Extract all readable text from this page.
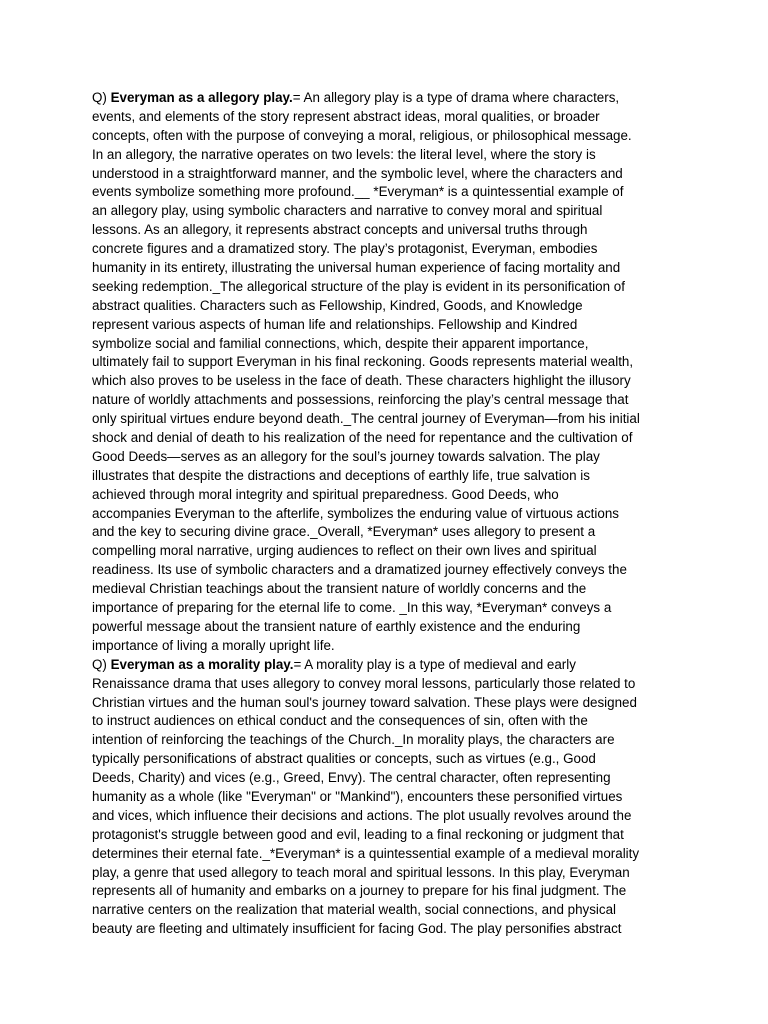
Q) Everyman as a allegory play.= An allegory play is a type of drama where characters,
events, and elements of the story represent abstract ideas, moral qualities, or broader
concepts, often with the purpose of conveying a moral, religious, or philosophical message.
In an allegory, the narrative operates on two levels: the literal level, where the story is
understood in a straightforward manner, and the symbolic level, where the characters and
events symbolize something more profound.__ *Everyman* is a quintessential example of
an allegory play, using symbolic characters and narrative to convey moral and spiritual
lessons. As an allegory, it represents abstract concepts and universal truths through
concrete figures and a dramatized story. The play’s protagonist, Everyman, embodies
humanity in its entirety, illustrating the universal human experience of facing mortality and
seeking redemption._The allegorical structure of the play is evident in its personification of
abstract qualities. Characters such as Fellowship, Kindred, Goods, and Knowledge
represent various aspects of human life and relationships. Fellowship and Kindred
symbolize social and familial connections, which, despite their apparent importance,
ultimately fail to support Everyman in his final reckoning. Goods represents material wealth,
which also proves to be useless in the face of death. These characters highlight the illusory
nature of worldly attachments and possessions, reinforcing the play’s central message that
only spiritual virtues endure beyond death._The central journey of Everyman—from his initial
shock and denial of death to his realization of the need for repentance and the cultivation of
Good Deeds—serves as an allegory for the soul’s journey towards salvation. The play
illustrates that despite the distractions and deceptions of earthly life, true salvation is
achieved through moral integrity and spiritual preparedness. Good Deeds, who
accompanies Everyman to the afterlife, symbolizes the enduring value of virtuous actions
and the key to securing divine grace._Overall, *Everyman* uses allegory to present a
compelling moral narrative, urging audiences to reflect on their own lives and spiritual
readiness. Its use of symbolic characters and a dramatized journey effectively conveys the
medieval Christian teachings about the transient nature of worldly concerns and the
importance of preparing for the eternal life to come. _In this way, *Everyman* conveys a
powerful message about the transient nature of earthly existence and the enduring
importance of living a morally upright life.
Q) Everyman as a morality play.= A morality play is a type of medieval and early
Renaissance drama that uses allegory to convey moral lessons, particularly those related to
Christian virtues and the human soul's journey toward salvation. These plays were designed
to instruct audiences on ethical conduct and the consequences of sin, often with the
intention of reinforcing the teachings of the Church._In morality plays, the characters are
typically personifications of abstract qualities or concepts, such as virtues (e.g., Good
Deeds, Charity) and vices (e.g., Greed, Envy). The central character, often representing
humanity as a whole (like "Everyman" or "Mankind"), encounters these personified virtues
and vices, which influence their decisions and actions. The plot usually revolves around the
protagonist's struggle between good and evil, leading to a final reckoning or judgment that
determines their eternal fate._*Everyman* is a quintessential example of a medieval morality
play, a genre that used allegory to teach moral and spiritual lessons. In this play, Everyman
represents all of humanity and embarks on a journey to prepare for his final judgment. The
narrative centers on the realization that material wealth, social connections, and physical
beauty are fleeting and ultimately insufficient for facing God. The play personifies abstract
